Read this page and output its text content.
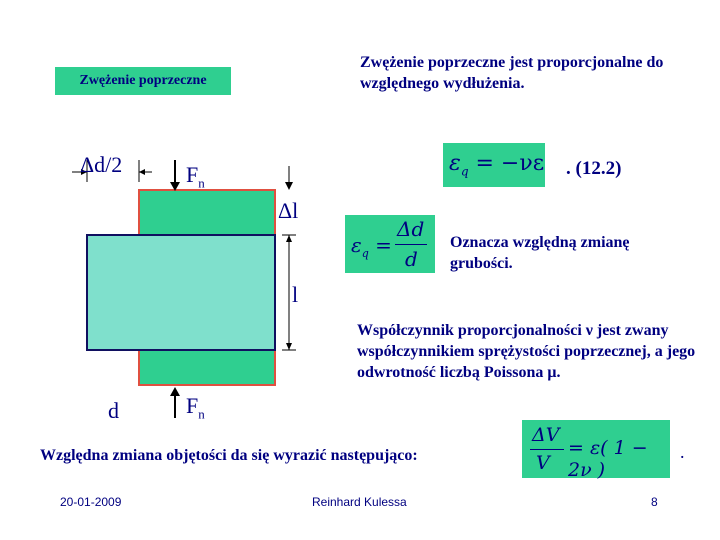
Zwężenie poprzeczne
Zwężenie poprzeczne jest proporcjonalne do względnego wydłużenia.
Δd/2	$F_n$
Δl
l
d	$F_n$
$\varepsilon_q = -\nu\varepsilon$ . (12.2)
$\varepsilon_q$ =
Δd
d
Oznacza względną zmianę grubości.
Współczynnik proporcjonalności ν jest zwany współczynnikiem sprężystości poprzecznej, a jego odwrotność liczbą Poissona μ.
Względna zmiana objętości da się wyrazić następująco:
ΔV
V
= ε( 1 − 2ν )
.
20-01-2009	Reinhard Kulessa	8
